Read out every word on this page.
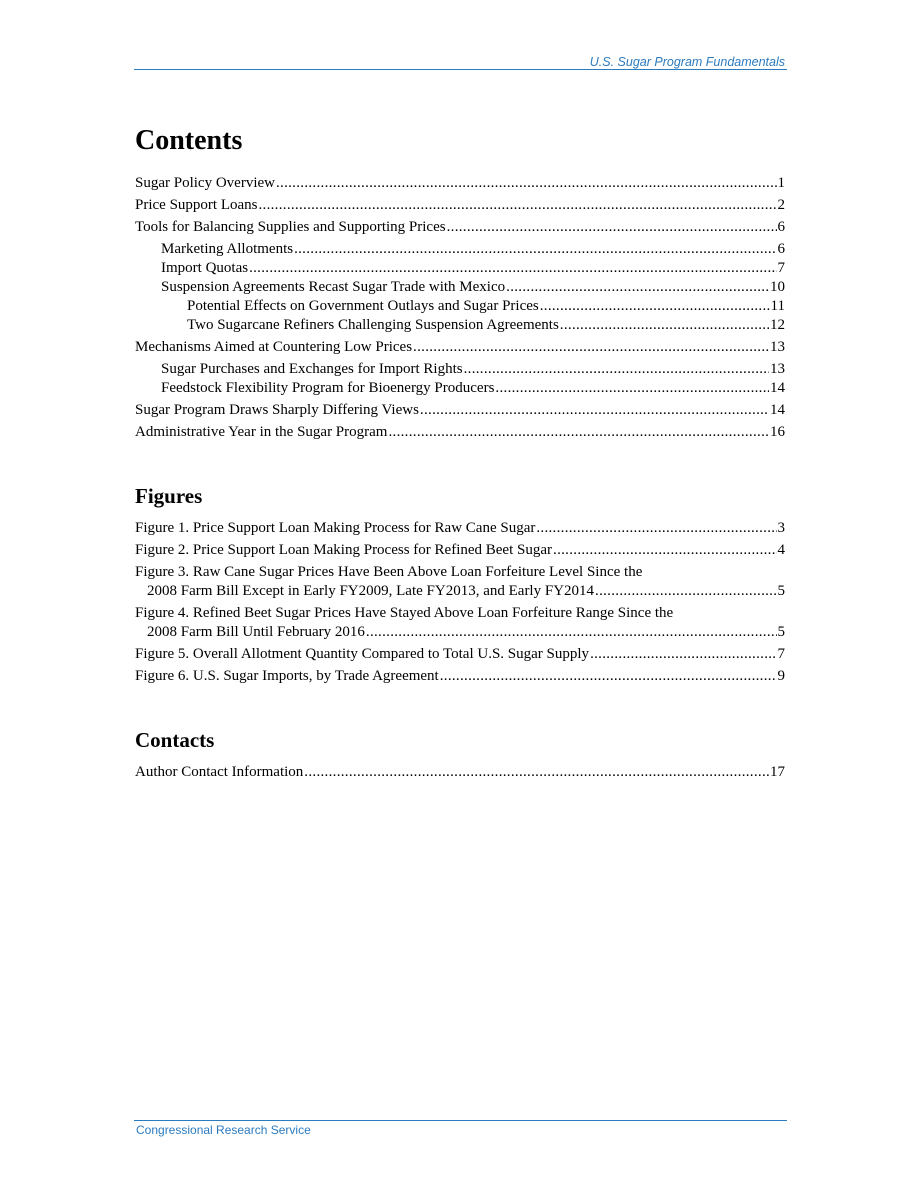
U.S. Sugar Program Fundamentals
Contents
Sugar Policy Overview .....	1
Price Support Loans .....	2
Tools for Balancing Supplies and Supporting Prices .....	6
Marketing Allotments .....	6
Import Quotas .....	7
Suspension Agreements Recast Sugar Trade with Mexico .....	10
Potential Effects on Government Outlays and Sugar Prices .....	11
Two Sugarcane Refiners Challenging Suspension Agreements .....	12
Mechanisms Aimed at Countering Low Prices .....	13
Sugar Purchases and Exchanges for Import Rights .....	13
Feedstock Flexibility Program for Bioenergy Producers .....	14
Sugar Program Draws Sharply Differing Views .....	14
Administrative Year in the Sugar Program .....	16
Figures
Figure 1. Price Support Loan Making Process for Raw Cane Sugar .....	3
Figure 2. Price Support Loan Making Process for Refined Beet Sugar .....	4
Figure 3. Raw Cane Sugar Prices Have Been Above Loan Forfeiture Level Since the
2008 Farm Bill Except in Early FY2009, Late FY2013, and Early FY2014 .....	5
Figure 4. Refined Beet Sugar Prices Have Stayed Above Loan Forfeiture Range Since the
2008 Farm Bill Until February 2016 .....	5
Figure 5. Overall Allotment Quantity Compared to Total U.S. Sugar Supply .....	7
Figure 6. U.S. Sugar Imports, by Trade Agreement .....	9
Contacts
Author Contact Information .....	17
Congressional Research Service
